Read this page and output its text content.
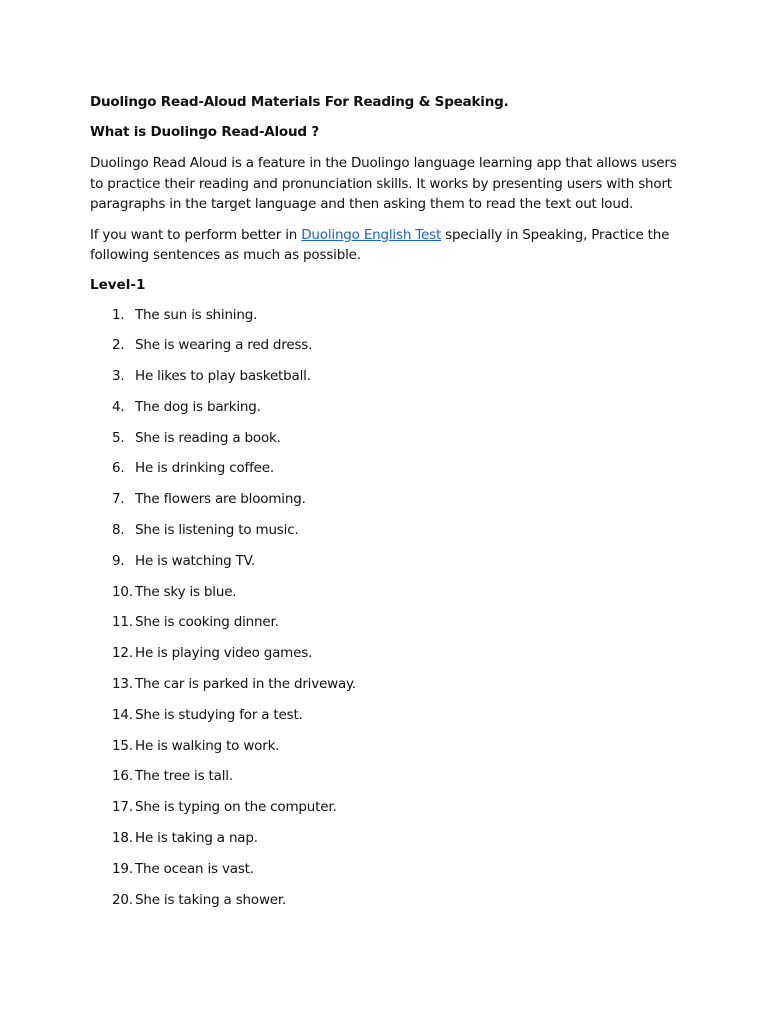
Duolingo Read-Aloud Materials For Reading & Speaking.
What is Duolingo Read-Aloud ?

Duolingo Read Aloud is a feature in the Duolingo language learning app that allows users to practice their reading and pronunciation skills. It works by presenting users with short paragraphs in the target language and then asking them to read the text out loud.

If you want to perform better in Duolingo English Test specially in Speaking, Practice the following sentences as much as possible.

Level-1
1. The sun is shining.
2. She is wearing a red dress.
3. He likes to play basketball.
4. The dog is barking.
5. She is reading a book.
6. He is drinking coffee.
7. The flowers are blooming.
8. She is listening to music.
9. He is watching TV.
10. The sky is blue.
11. She is cooking dinner.
12. He is playing video games.
13. The car is parked in the driveway.
14. She is studying for a test.
15. He is walking to work.
16. The tree is tall.
17. She is typing on the computer.
18. He is taking a nap.
19. The ocean is vast.
20. She is taking a shower.
